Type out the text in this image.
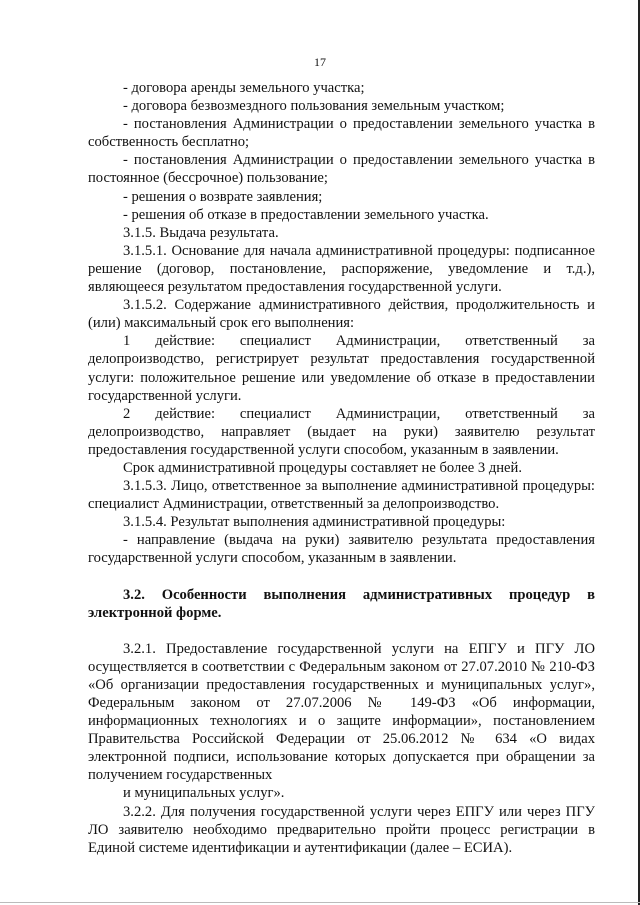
17

- договора аренды земельного участка;

- договора безвозмездного пользования земельным участком;

- постановления Администрации о предоставлении земельного участка в собственность бесплатно;

- постановления Администрации о предоставлении земельного участка в постоянное (бессрочное) пользование;

- решения о возврате заявления;

- решения об отказе в предоставлении земельного участка.

3.1.5. Выдача результата.

3.1.5.1. Основание для начала административной процедуры: подписанное решение (договор, постановление, распоряжение, уведомление и т.д.), являющееся результатом предоставления государственной услуги.

3.1.5.2. Содержание административного действия, продолжительность и (или) максимальный срок его выполнения:

1 действие: специалист Администрации, ответственный за делопроизводство, регистрирует результат предоставления государственной услуги: положительное решение или уведомление об отказе в предоставлении государственной услуги.

2 действие: специалист Администрации, ответственный за делопроизводство, направляет (выдает на руки) заявителю результат предоставления государственной услуги способом, указанным в заявлении.

Срок административной процедуры составляет не более 3 дней.

3.1.5.3. Лицо, ответственное за выполнение административной процедуры: специалист Администрации, ответственный за делопроизводство.

3.1.5.4. Результат выполнения административной процедуры:

- направление (выдача на руки) заявителю результата предоставления государственной услуги способом, указанным в заявлении.

3.2. Особенности выполнения административных процедур в электронной форме.

3.2.1. Предоставление государственной услуги на ЕПГУ и ПГУ ЛО осуществляется в соответствии с Федеральным законом от 27.07.2010 № 210-ФЗ «Об организации предоставления государственных и муниципальных услуг», Федеральным законом от 27.07.2006 № 149-ФЗ «Об информации, информационных технологиях и о защите информации», постановлением Правительства Российской Федерации от 25.06.2012 № 634 «О видах электронной подписи, использование которых допускается при обращении за получением государственных

и муниципальных услуг».

3.2.2. Для получения государственной услуги через ЕПГУ или через ПГУ ЛО заявителю необходимо предварительно пройти процесс регистрации в Единой системе идентификации и аутентификации (далее – ЕСИА).
